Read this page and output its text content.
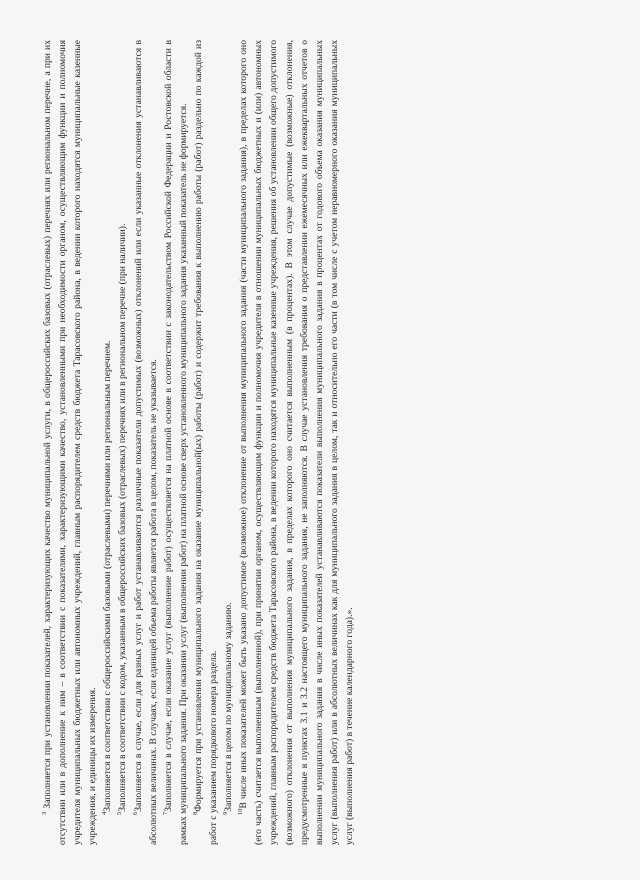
$^3$ Заполняется при установлении показателей, характеризующих качество муниципальной услуги, в общероссийских базовых (отраслевых) перечнях или региональном перечне, а при их отсутствии или в дополнение к ним – в соответствии с показателями, характеризующими качество, установленными при необходимости органом, осуществляющим функции и полномочия учредителя муниципальных бюджетных или автономных учреждений, главным распорядителем средств бюджета Тарасовского района, в ведении которого находятся муниципальные казенные учреждения, и единицы их измерения. $^4$Заполняется в соответствии с общероссийскими базовыми (отраслевыми) перечнями или региональным перечнем.

$^5$Заполняется в соответствии с кодом, указанным в общероссийских базовых (отраслевых) перечнях или в региональном перечне (при наличии).

$^6$Заполняется в случае, если для разных услуг и работ устанавливаются различные показатели допустимых (возможных) отклонений или если указанные отклонения устанавливаются в абсолютных величинах. В случаях, если единицей объема работы является работа в целом, показатель не указывается. $^7$Заполняется в случае, если оказание услуг (выполнение работ) осуществляется на платной основе в соответствии с законодательством Российской Федерации и Ростовской области в рамках муниципального задания. При оказании услуг (выполнении работ) на платной основе сверх установленного муниципального задания указанный показатель не формируется. $^8$Формируется при установлении муниципального задания на оказание муниципальной(ых) работы (работ) и содержит требования к выполнению работы (работ) раздельно по каждой из работ с указанием порядкового номера раздела. $^9$Заполняется в целом по муниципальному заданию. $^{10}$В числе иных показателей может быть указано допустимое (возможное) отклонение от выполнения муниципального задания (части муниципального задания), в пределах которого оно (его часть) считается выполненным (выполненной), при принятии органом, осуществляющим функции и полномочия учредителя в отношении муниципальных бюджетных и (или) автономных учреждений, главным распорядителем средств бюджета Тарасовского района, в ведении которого находятся муниципальные казенные учреждения, решения об установлении общего допустимого (возможного) отклонения от выполнения муниципального задания, в пределах которого оно считается выполненным (в процентах). В этом случае допустимые (возможные) отклонения, предусмотренные в пунктах 3.1 и 3.2 настоящего муниципального задания, не заполняются. В случае установления требования о представлении ежемесячных или ежеквартальных отчетов о выполнении муниципального задания в числе иных показателей устанавливаются показатели выполнения муниципального задания в процентах от годового объема оказания муниципальных услуг (выполнения работ) или в абсолютных величинах как для муниципального задания в целом, так и относительно его части (в том числе с учетом неравномерного оказания муниципальных услуг (выполнения работ) в течение календарного года).».
